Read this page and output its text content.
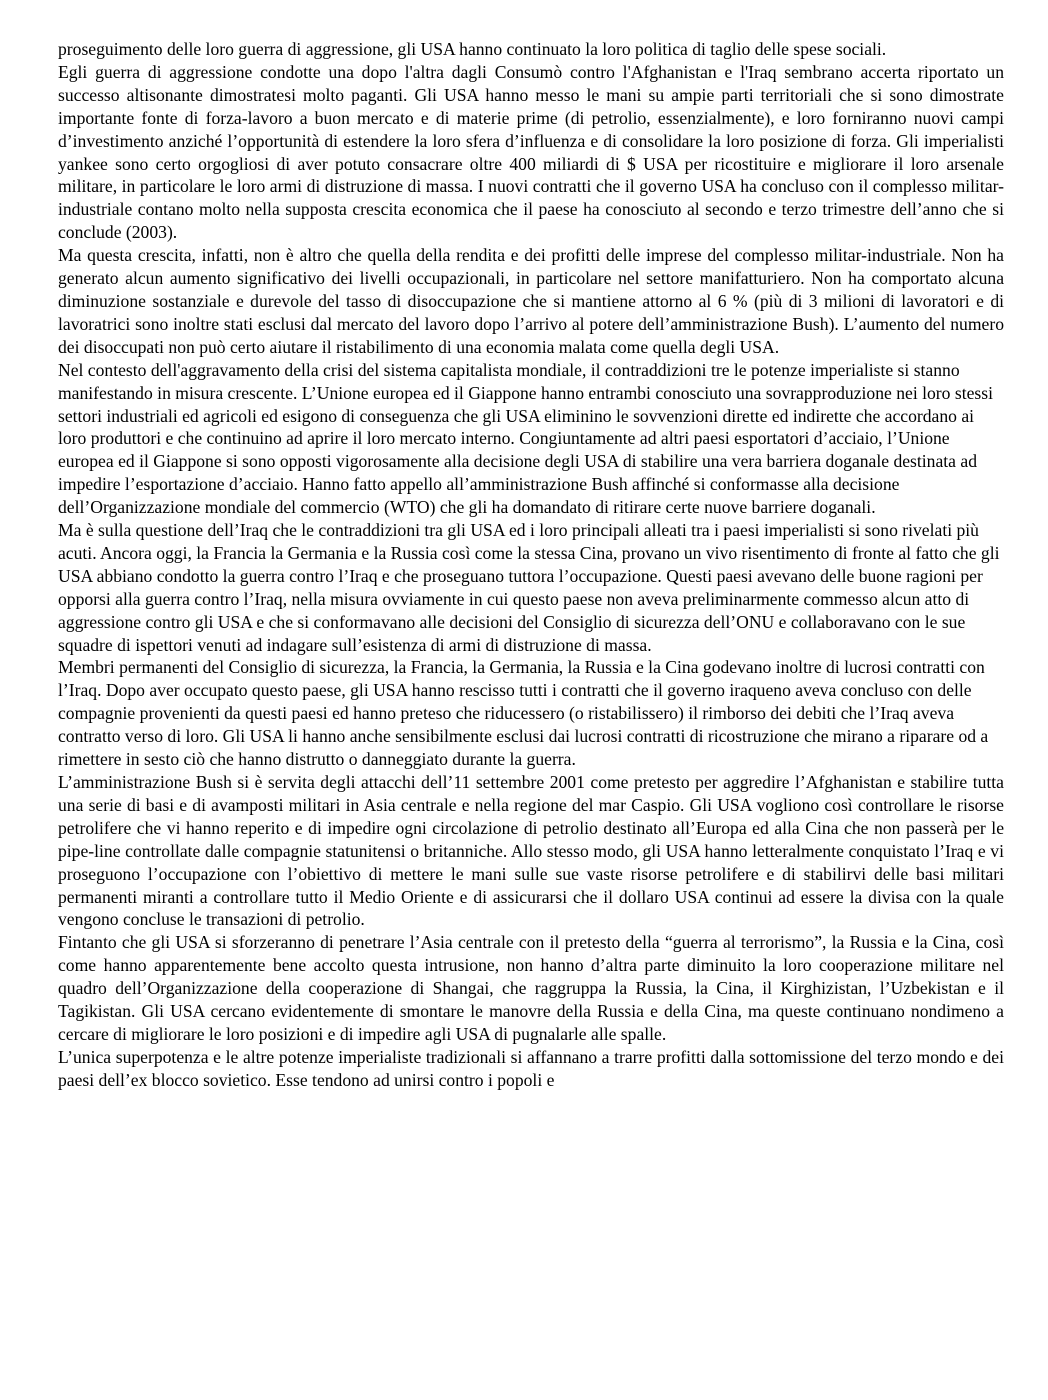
proseguimento delle loro guerra di aggressione, gli USA hanno continuato la loro politica di taglio delle spese sociali.

Egli guerra di aggressione condotte una dopo l'altra dagli Consumò contro l'Afghanistan e l'Iraq sembrano accerta riportato un successo altisonante dimostratesi molto paganti. Gli USA hanno messo le mani su ampie parti territoriali che si sono dimostrate importante fonte di forza-lavoro a buon mercato e di materie prime (di petrolio, essenzialmente), e loro forniranno nuovi campi d’investimento anziché l’opportunità di estendere la loro sfera d’influenza e di consolidare la loro posizione di forza. Gli imperialisti yankee sono certo orgogliosi di aver potuto consacrare oltre 400 miliardi di $ USA per ricostituire e migliorare il loro arsenale militare, in particolare le loro armi di distruzione di massa. I nuovi contratti che il governo USA ha concluso con il complesso militar-industriale contano molto nella supposta crescita economica che il paese ha conosciuto al secondo e terzo trimestre dell’anno che si conclude (2003).

Ma questa crescita, infatti, non è altro che quella della rendita e dei profitti delle imprese del complesso militar-industriale. Non ha generato alcun aumento significativo dei livelli occupazionali, in particolare nel settore manifatturiero. Non ha comportato alcuna diminuzione sostanziale e durevole del tasso di disoccupazione che si mantiene attorno al 6 % (più di 3 milioni di lavoratori e di lavoratrici sono inoltre stati esclusi dal mercato del lavoro dopo l’arrivo al potere dell’amministrazione Bush). L’aumento del numero dei disoccupati non può certo aiutare il ristabilimento di una economia malata come quella degli USA.

Nel contesto dell'aggravamento della crisi del sistema capitalista mondiale, il contraddizioni tre le potenze imperialiste si stanno manifestando in misura crescente. L’Unione europea ed il Giappone hanno entrambi conosciuto una sovrapproduzione nei loro stessi settori industriali ed agricoli ed esigono di conseguenza che gli USA eliminino le sovvenzioni dirette ed indirette che accordano ai loro produttori e che continuino ad aprire il loro mercato interno. Congiuntamente ad altri paesi esportatori d’acciaio, l’Unione europea ed il Giappone si sono opposti vigorosamente alla decisione degli USA di stabilire una vera barriera doganale destinata ad impedire l’esportazione d’acciaio. Hanno fatto appello all’amministrazione Bush affinché si conformasse alla decisione dell’Organizzazione mondiale del commercio (WTO) che gli ha domandato di ritirare certe nuove barriere doganali.

Ma è sulla questione dell’Iraq che le contraddizioni tra gli USA ed i loro principali alleati tra i paesi imperialisti si sono rivelati più acuti. Ancora oggi, la Francia la Germania e la Russia così come la stessa Cina, provano un vivo risentimento di fronte al fatto che gli USA abbiano condotto la guerra contro l’Iraq e che proseguano tuttora l’occupazione. Questi paesi avevano delle buone ragioni per opporsi alla guerra contro l’Iraq, nella misura ovviamente in cui questo paese non aveva preliminarmente commesso alcun atto di aggressione contro gli USA e che si conformavano alle decisioni del Consiglio di sicurezza dell’ONU e collaboravano con le sue squadre di ispettori venuti ad indagare sull’esistenza di armi di distruzione di massa.

Membri permanenti del Consiglio di sicurezza, la Francia, la Germania, la Russia e la Cina godevano inoltre di lucrosi contratti con l’Iraq. Dopo aver occupato questo paese, gli USA hanno rescisso tutti i contratti che il governo iraqueno aveva concluso con delle compagnie provenienti da questi paesi ed hanno preteso che riducessero (o ristabilissero) il rimborso dei debiti che l’Iraq aveva contratto verso di loro. Gli USA li hanno anche sensibilmente esclusi dai lucrosi contratti di ricostruzione che mirano a riparare od a rimettere in sesto ciò che hanno distrutto o danneggiato durante la guerra.

L’amministrazione Bush si è servita degli attacchi dell’11 settembre 2001 come pretesto per aggredire l’Afghanistan e stabilire tutta una serie di basi e di avamposti militari in Asia centrale e nella regione del mar Caspio. Gli USA vogliono così controllare le risorse petrolifere che vi hanno reperito e di impedire ogni circolazione di petrolio destinato all’Europa ed alla Cina che non passerà per le pipe-line controllate dalle compagnie statunitensi o britanniche. Allo stesso modo, gli USA hanno letteralmente conquistato l’Iraq e vi proseguono l’occupazione con l’obiettivo di mettere le mani sulle sue vaste risorse petrolifere e di stabilirvi delle basi militari permanenti miranti a controllare tutto il Medio Oriente e di assicurarsi che il dollaro USA continui ad essere la divisa con la quale vengono concluse le transazioni di petrolio.

Fintanto che gli USA si sforzeranno di penetrare l’Asia centrale con il pretesto della “guerra al terrorismo”, la Russia e la Cina, così come hanno apparentemente bene accolto questa intrusione, non hanno d’altra parte diminuito la loro cooperazione militare nel quadro dell’Organizzazione della cooperazione di Shangai, che raggruppa la Russia, la Cina, il Kirghizistan, l’Uzbekistan e il Tagikistan. Gli USA cercano evidentemente di smontare le manovre della Russia e della Cina, ma queste continuano nondimeno a cercare di migliorare le loro posizioni e di impedire agli USA di pugnalarle alle spalle.

L’unica superpotenza e le altre potenze imperialiste tradizionali si affannano a trarre profitti dalla sottomissione del terzo mondo e dei paesi dell’ex blocco sovietico. Esse tendono ad unirsi contro i popoli e
